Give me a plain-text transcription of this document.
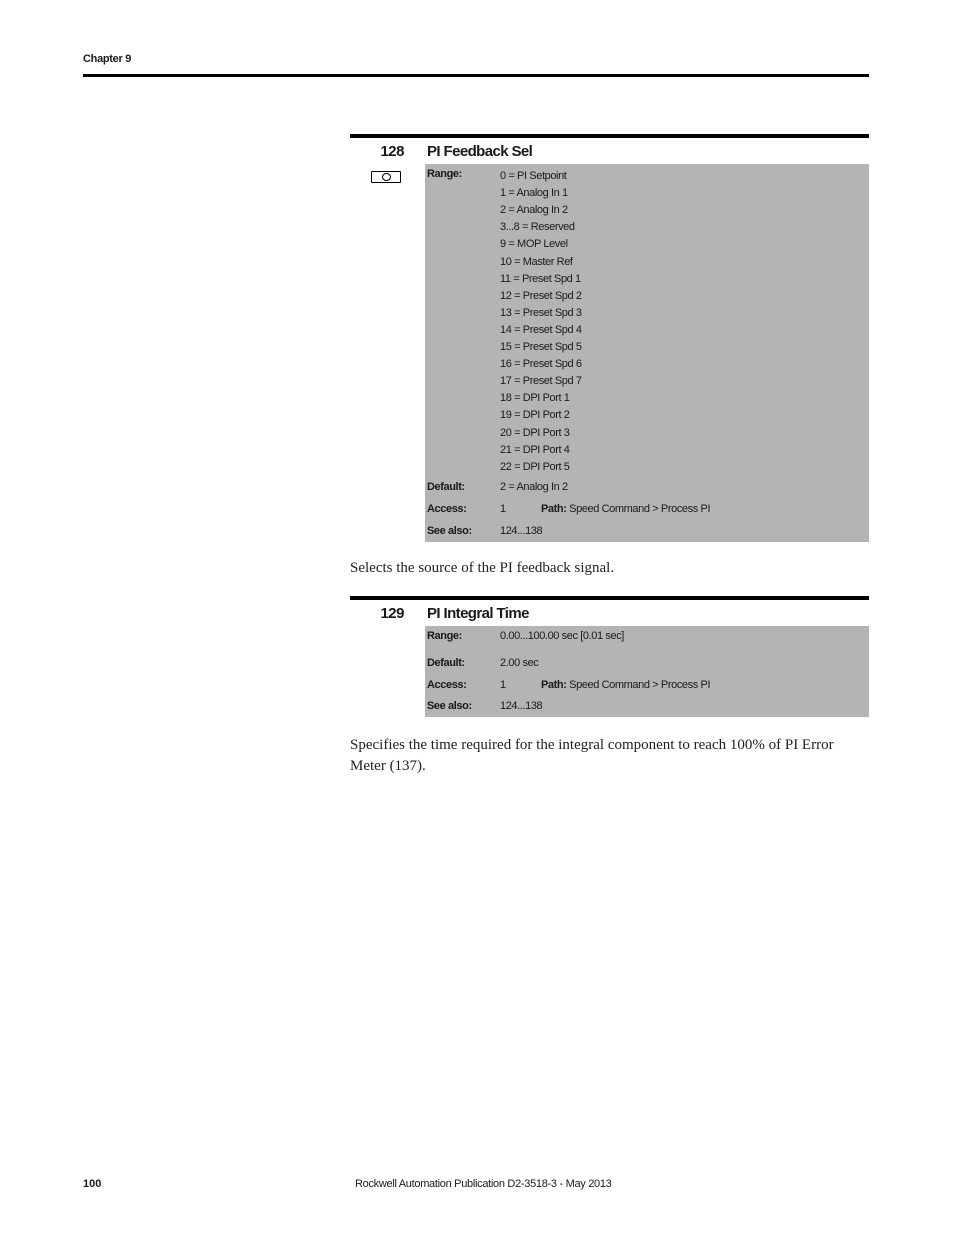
Chapter 9
128 PI Feedback Sel
Range:	0 = PI Setpoint
1 = Analog In 1
2 = Analog In 2
3...8 = Reserved
9 = MOP Level
10 = Master Ref
11 = Preset Spd 1
12 = Preset Spd 2
13 = Preset Spd 3
14 = Preset Spd 4
15 = Preset Spd 5
16 = Preset Spd 6
17 = Preset Spd 7
18 = DPI Port 1
19 = DPI Port 2
20 = DPI Port 3
21 = DPI Port 4
22 = DPI Port 5
Default:	2 = Analog In 2
Access:	1	Path: Speed Command > Process PI
See also:	124...138
Selects the source of the PI feedback signal.
129 PI Integral Time
Range:	0.00...100.00 sec [0.01 sec]
Default:	2.00 sec
Access:	1	Path: Speed Command > Process PI
See also:	124...138
Specifies the time required for the integral component to reach 100% of PI Error Meter (137).
100	Rockwell Automation Publication D2-3518-3 - May 2013
